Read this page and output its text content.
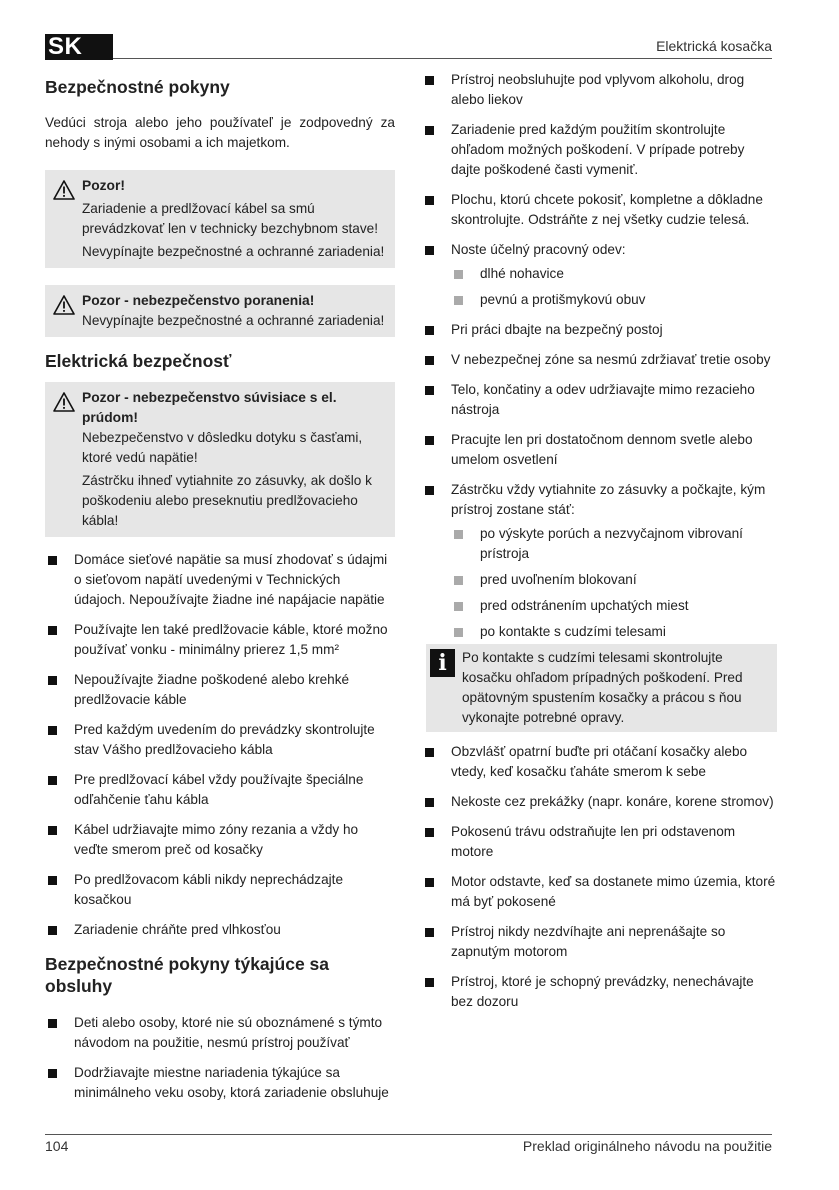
SK	Elektrická kosačka
Bezpečnostné pokyny

Vedúci stroja alebo jeho používateľ je zodpovedný za nehody s inými osobami a ich majetkom.

Pozor!
Zariadenie a predlžovací kábel sa smú prevádzkovať len v technicky bezchybnom stave!
Nevypínajte bezpečnostné a ochranné zariadenia!
Pozor - nebezpečenstvo poranenia!
Nevypínajte bezpečnostné a ochranné zariadenia!
Elektrická bezpečnosť
Pozor - nebezpečenstvo súvisiace s el. prúdom!
Nebezpečenstvo v dôsledku dotyku s časťami, ktoré vedú napätie!
Zástrčku ihneď vytiahnite zo zásuvky, ak došlo k poškodeniu alebo preseknutiu predlžovacieho kábla!
Domáce sieťové napätie sa musí zhodovať s údajmi o sieťovom napätí uvedenými v Technických údajoch. Nepoužívajte žiadne iné napájacie napätie
Používajte len také predlžovacie káble, ktoré možno používať vonku - minimálny prierez 1,5 mm²
Nepoužívajte žiadne poškodené alebo krehké predlžovacie káble
Pred každým uvedením do prevádzky skontrolujte stav Vášho predlžovacieho kábla
Pre predlžovací kábel vždy používajte špeciálne odľahčenie ťahu kábla
Kábel udržiavajte mimo zóny rezania a vždy ho veďte smerom preč od kosačky
Po predlžovacom kábli nikdy neprechádzajte kosačkou
Zariadenie chráňte pred vlhkosťou
Bezpečnostné pokyny týkajúce sa obsluhy
Deti alebo osoby, ktoré nie sú oboznámené s týmto návodom na použitie, nesmú prístroj používať
Dodržiavajte miestne nariadenia týkajúce sa minimálneho veku osoby, ktorá zariadenie obsluhuje
Prístroj neobsluhujte pod vplyvom alkoholu, drog alebo liekov
Zariadenie pred každým použitím skontrolujte ohľadom možných poškodení. V prípade potreby dajte poškodené časti vymeniť.
Plochu, ktorú chcete pokosiť, kompletne a dôkladne skontrolujte. Odstráňte z nej všetky cudzie telesá.
Noste účelný pracovný odev:
dlhé nohavice
pevnú a protišmykovú obuv
Pri práci dbajte na bezpečný postoj
V nebezpečnej zóne sa nesmú zdržiavať tretie osoby
Telo, končatiny a odev udržiavajte mimo rezacieho nástroja
Pracujte len pri dostatočnom dennom svetle alebo umelom osvetlení
Zástrčku vždy vytiahnite zo zásuvky a počkajte, kým prístroj zostane stáť:
po výskyte porúch a nezvyčajnom vibrovaní prístroja
pred uvoľnením blokovaní
pred odstránením upchatých miest
po kontakte s cudzími telesami
i	Po kontakte s cudzími telesami skontrolujte kosačku ohľadom prípadných poškodení. Pred opätovným spustením kosačky a prácou s ňou vykonajte potrebné opravy.
Obzvlášť opatrní buďte pri otáčaní kosačky alebo vtedy, keď kosačku ťaháte smerom k sebe
Nekoste cez prekážky (napr. konáre, korene stromov)
Pokosenú trávu odstraňujte len pri odstavenom motore
Motor odstavte, keď sa dostanete mimo územia, ktoré má byť pokosené
Prístroj nikdy nezdvíhajte ani neprenášajte so zapnutým motorom
Prístroj, ktoré je schopný prevádzky, nenechávajte bez dozoru
104	Preklad originálneho návodu na použitie
